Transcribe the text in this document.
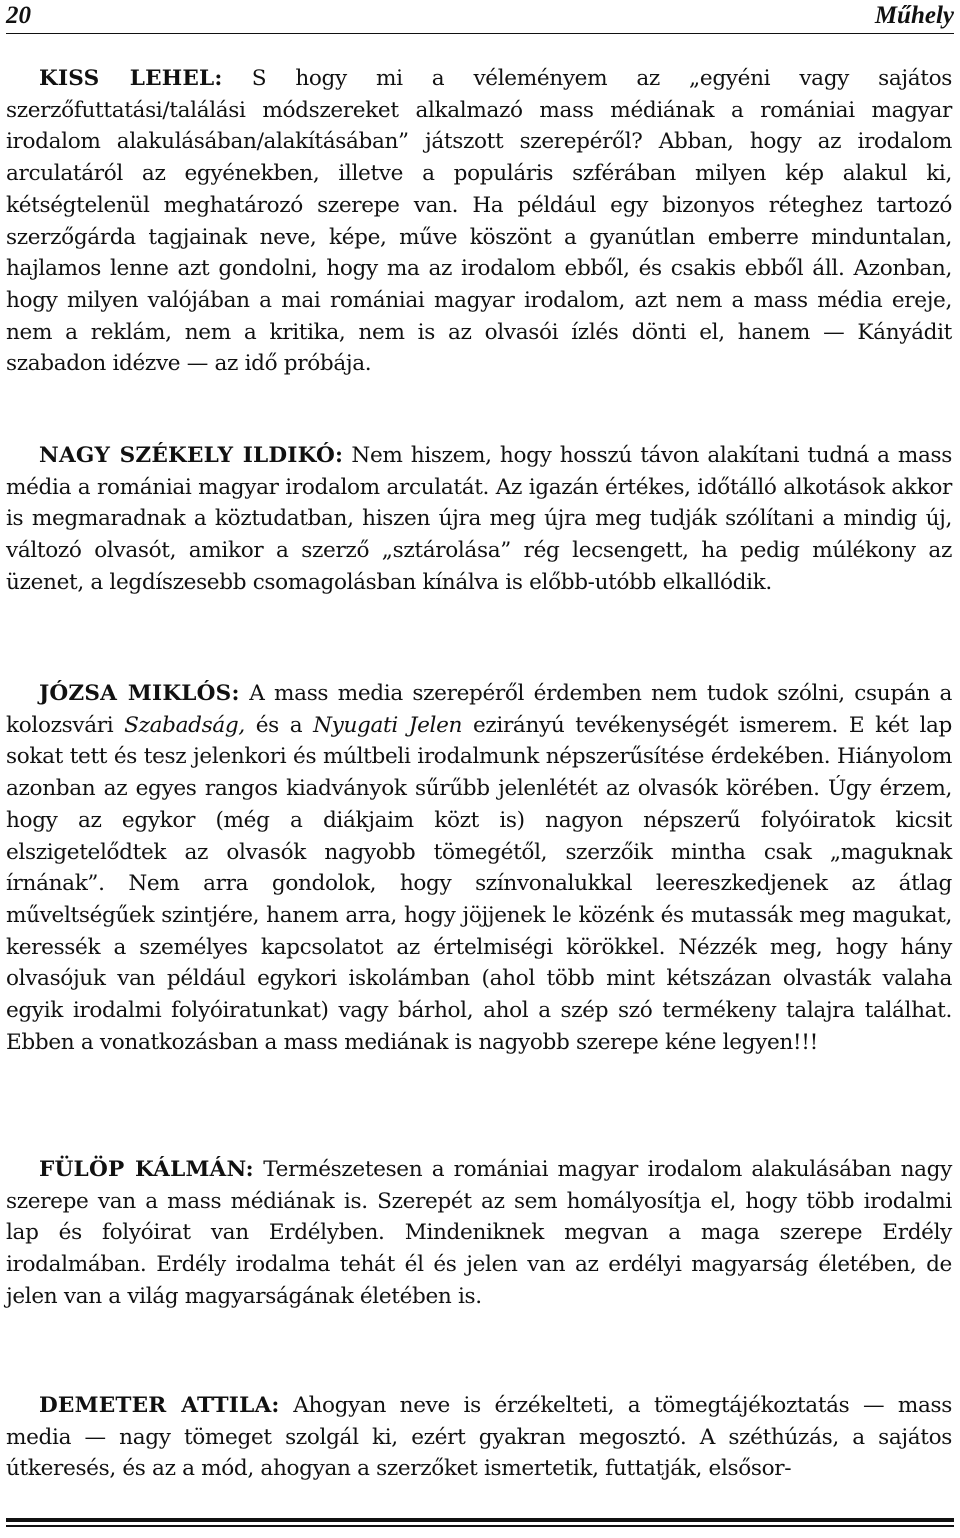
20	Műhely

KISS LEHEL: S hogy mi a véleményem az „egyéni vagy sajátos szerzőfuttatási/találási módszereket alkalmazó mass médiának a romániai magyar irodalom alakulásában/alakításában” játszott szerepéről? Abban, hogy az irodalom arculatáról az egyénekben, illetve a populáris szférában milyen kép alakul ki, kétségtelenül meghatározó szerepe van. Ha például egy bizonyos réteghez tartozó szerzőgárda tagjainak neve, képe, műve köszönt a gyanútlan emberre minduntalan, hajlamos lenne azt gondolni, hogy ma az irodalom ebből, és csakis ebből áll. Azonban, hogy milyen valójában a mai romániai magyar irodalom, azt nem a mass média ereje, nem a reklám, nem a kritika, nem is az olvasói ízlés dönti el, hanem — Kányádit szabadon idézve — az idő próbája.

NAGY SZÉKELY ILDIKÓ: Nem hiszem, hogy hosszú távon alakítani tudná a mass média a romániai magyar irodalom arculatát. Az igazán értékes, időtálló alkotások akkor is megmaradnak a köztudatban, hiszen újra meg újra meg tudják szólítani a mindig új, változó olvasót, amikor a szerző „sztárolása” rég lecsengett, ha pedig múlékony az üzenet, a legdíszesebb csomagolásban kínálva is előbb-utóbb elkallódik.

JÓZSA MIKLÓS: A mass media szerepéről érdemben nem tudok szólni, csupán a kolozsvári Szabadság, és a Nyugati Jelen ezirányú tevékenységét ismerem. E két lap sokat tett és tesz jelenkori és múltbeli irodalmunk népszerűsítése érdekében. Hiányolom azonban az egyes rangos kiadványok sűrűbb jelenlétét az olvasók körében. Úgy érzem, hogy az egykor (még a diákjaim közt is) nagyon népszerű folyóiratok kicsit elszigetelődtek az olvasók nagyobb tömegétől, szerzőik mintha csak „maguknak írnának”. Nem arra gondolok, hogy színvonalukkal leereszkedjenek az átlag műveltségűek szintjére, hanem arra, hogy jöjjenek le közénk és mutassák meg magukat, keressék a személyes kapcsolatot az értelmiségi körökkel. Nézzék meg, hogy hány olvasójuk van például egykori iskolámban (ahol több mint kétszázan olvasták valaha egyik irodalmi folyóiratunkat) vagy bárhol, ahol a szép szó termékeny talajra találhat. Ebben a vonatkozásban a mass mediának is nagyobb szerepe kéne legyen!!!

FÜLÖP KÁLMÁN: Természetesen a romániai magyar irodalom alakulásában nagy szerepe van a mass médiának is. Szerepét az sem homályosítja el, hogy több irodalmi lap és folyóirat van Erdélyben. Mindeniknek megvan a maga szerepe Erdély irodalmában. Erdély irodalma tehát él és jelen van az erdélyi magyarság életében, de jelen van a világ magyarságának életében is.

DEMETER ATTILA: Ahogyan neve is érzékelteti, a tömegtájékoztatás — mass media — nagy tömeget szolgál ki, ezért gyakran megosztó. A széthúzás, a sajátos útkeresés, és az a mód, ahogyan a szerzőket ismertetik, futtatják, elsősor-
